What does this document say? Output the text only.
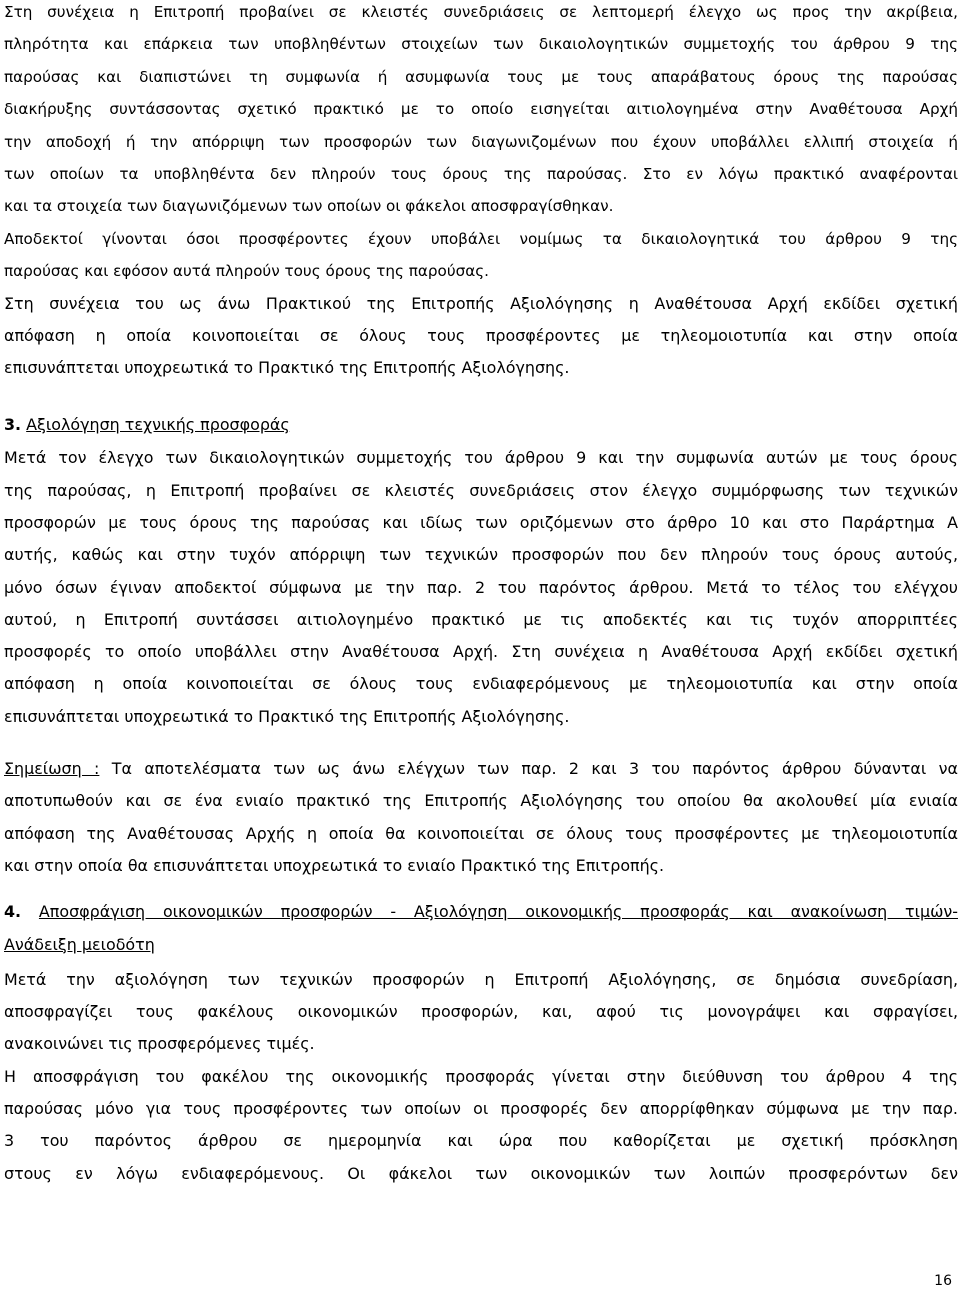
Στη συνέχεια η Επιτροπή προβαίνει σε κλειστές συνεδριάσεις σε λεπτομερή έλεγχο ως προς την ακρίβεια,
πληρότητα και επάρκεια των υποβληθέντων στοιχείων των δικαιολογητικών συμμετοχής του άρθρου 9 της
παρούσας και διαπιστώνει τη συμφωνία ή ασυμφωνία τους με τους απαράβατους όρους της παρούσας
διακήρυξης συντάσσοντας σχετικό πρακτικό με το οποίο εισηγείται αιτιολογημένα στην Αναθέτουσα Αρχή
την αποδοχή ή την απόρριψη των προσφορών των διαγωνιζομένων που έχουν υποβάλλει ελλιπή στοιχεία ή
των οποίων τα υποβληθέντα δεν πληρούν τους όρους της παρούσας. Στο εν λόγω πρακτικό αναφέρονται
και τα στοιχεία των διαγωνιζόμενων των οποίων οι φάκελοι αποσφραγίσθηκαν.

Αποδεκτοί γίνονται όσοι προσφέροντες έχουν υποβάλει νομίμως τα δικαιολογητικά του άρθρου 9 της
παρούσας και εφόσον αυτά πληρούν τους όρους της παρούσας.

Στη συνέχεια του ως άνω Πρακτικού της Επιτροπής Αξιολόγησης η Αναθέτουσα Αρχή εκδίδει σχετική
απόφαση η οποία κοινοποιείται σε όλους τους προσφέροντες με τηλεομοιοτυπία και στην οποία
επισυνάπτεται υποχρεωτικά το Πρακτικό της Επιτροπής Αξιολόγησης.

3. Αξιολόγηση τεχνικής προσφοράς

Μετά τον έλεγχο των δικαιολογητικών συμμετοχής του άρθρου 9 και την συμφωνία αυτών με τους όρους
της παρούσας, η Επιτροπή προβαίνει σε κλειστές συνεδριάσεις στον έλεγχο συμμόρφωσης των τεχνικών
προσφορών με τους όρους της παρούσας και ιδίως των οριζόμενων στο άρθρο 10 και στο Παράρτημα Α
αυτής, καθώς και στην τυχόν απόρριψη των τεχνικών προσφορών που δεν πληρούν τους όρους αυτούς,
μόνο όσων έγιναν αποδεκτοί σύμφωνα με την παρ. 2 του παρόντος άρθρου. Μετά το τέλος του ελέγχου
αυτού, η Επιτροπή συντάσσει αιτιολογημένο πρακτικό με τις αποδεκτές και τις τυχόν απορριπτέες
προσφορές το οποίο υποβάλλει στην Αναθέτουσα Αρχή. Στη συνέχεια η Αναθέτουσα Αρχή εκδίδει σχετική
απόφαση η οποία κοινοποιείται σε όλους τους ενδιαφερόμενους με τηλεομοιοτυπία και στην οποία
επισυνάπτεται υποχρεωτικά το Πρακτικό της Επιτροπής Αξιολόγησης.

Σημείωση : Τα αποτελέσματα των ως άνω ελέγχων των παρ. 2 και 3 του παρόντος άρθρου δύνανται να
αποτυπωθούν και σε ένα ενιαίο πρακτικό της Επιτροπής Αξιολόγησης του οποίου θα ακολουθεί μία ενιαία
απόφαση της Αναθέτουσας Αρχής η οποία θα κοινοποιείται σε όλους τους προσφέροντες με τηλεομοιοτυπία
και στην οποία θα επισυνάπτεται υποχρεωτικά το ενιαίο Πρακτικό της Επιτροπής.

4. Αποσφράγιση οικονομικών προσφορών - Αξιολόγηση οικονομικής προσφοράς και ανακοίνωση τιμών-
Ανάδειξη μειοδότη

Μετά την αξιολόγηση των τεχνικών προσφορών η Επιτροπή Αξιολόγησης, σε δημόσια συνεδρίαση,
αποσφραγίζει τους φακέλους οικονομικών προσφορών, και, αφού τις μονογράψει και σφραγίσει,
ανακοινώνει τις προσφερόμενες τιμές.

Η αποσφράγιση του φακέλου της οικονομικής προσφοράς γίνεται στην διεύθυνση του άρθρου 4 της
παρούσας μόνο για τους προσφέροντες των οποίων οι προσφορές δεν απορρίφθηκαν σύμφωνα με την παρ.
3 του παρόντος άρθρου σε ημερομηνία και ώρα που καθορίζεται με σχετική πρόσκληση
στους εν λόγω ενδιαφερόμενους. Οι φάκελοι των οικονομικών των λοιπών προσφερόντων δεν

16
